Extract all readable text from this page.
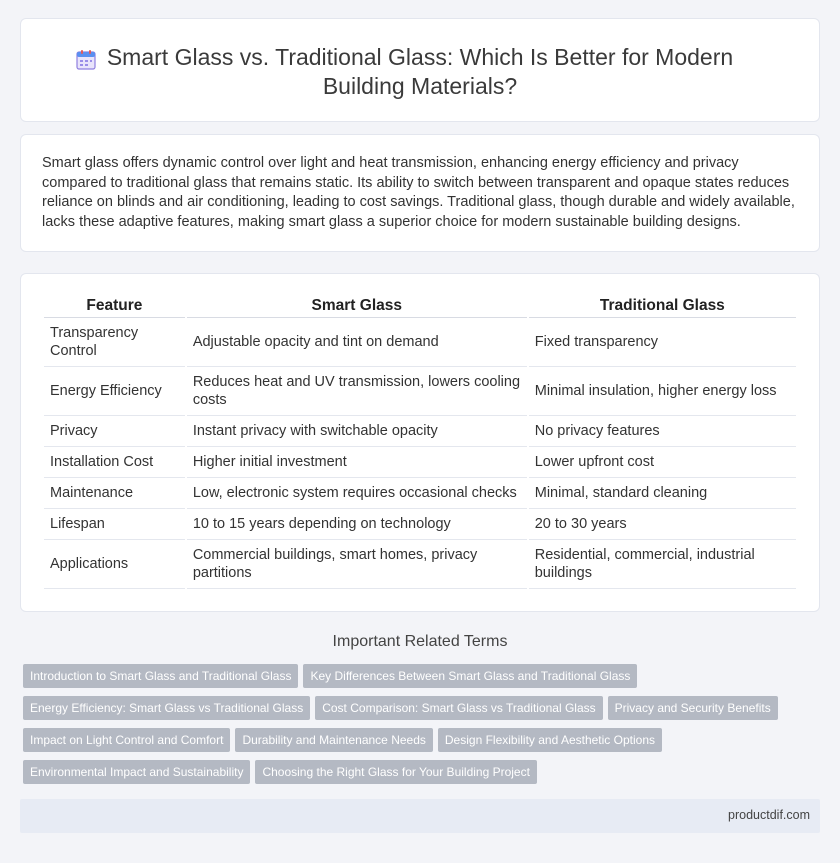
Smart Glass vs. Traditional Glass: Which Is Better for Modern Building Materials?

Smart glass offers dynamic control over light and heat transmission, enhancing energy efficiency and privacy compared to traditional glass that remains static. Its ability to switch between transparent and opaque states reduces reliance on blinds and air conditioning, leading to cost savings. Traditional glass, though durable and widely available, lacks these adaptive features, making smart glass a superior choice for modern sustainable building designs.

Feature	Smart Glass	Traditional Glass
Transparency Control	Adjustable opacity and tint on demand	Fixed transparency
Energy Efficiency	Reduces heat and UV transmission, lowers cooling costs	Minimal insulation, higher energy loss
Privacy	Instant privacy with switchable opacity	No privacy features
Installation Cost	Higher initial investment	Lower upfront cost
Maintenance	Low, electronic system requires occasional checks	Minimal, standard cleaning
Lifespan	10 to 15 years depending on technology	20 to 30 years
Applications	Commercial buildings, smart homes, privacy partitions	Residential, commercial, industrial buildings
Important Related Terms
Introduction to Smart Glass and Traditional Glass Key Differences Between Smart Glass and Traditional Glass
Energy Efficiency: Smart Glass vs Traditional Glass Cost Comparison: Smart Glass vs Traditional Glass Privacy and Security Benefits
Impact on Light Control and Comfort Durability and Maintenance Needs Design Flexibility and Aesthetic Options
Environmental Impact and Sustainability Choosing the Right Glass for Your Building Project
productdif.com
